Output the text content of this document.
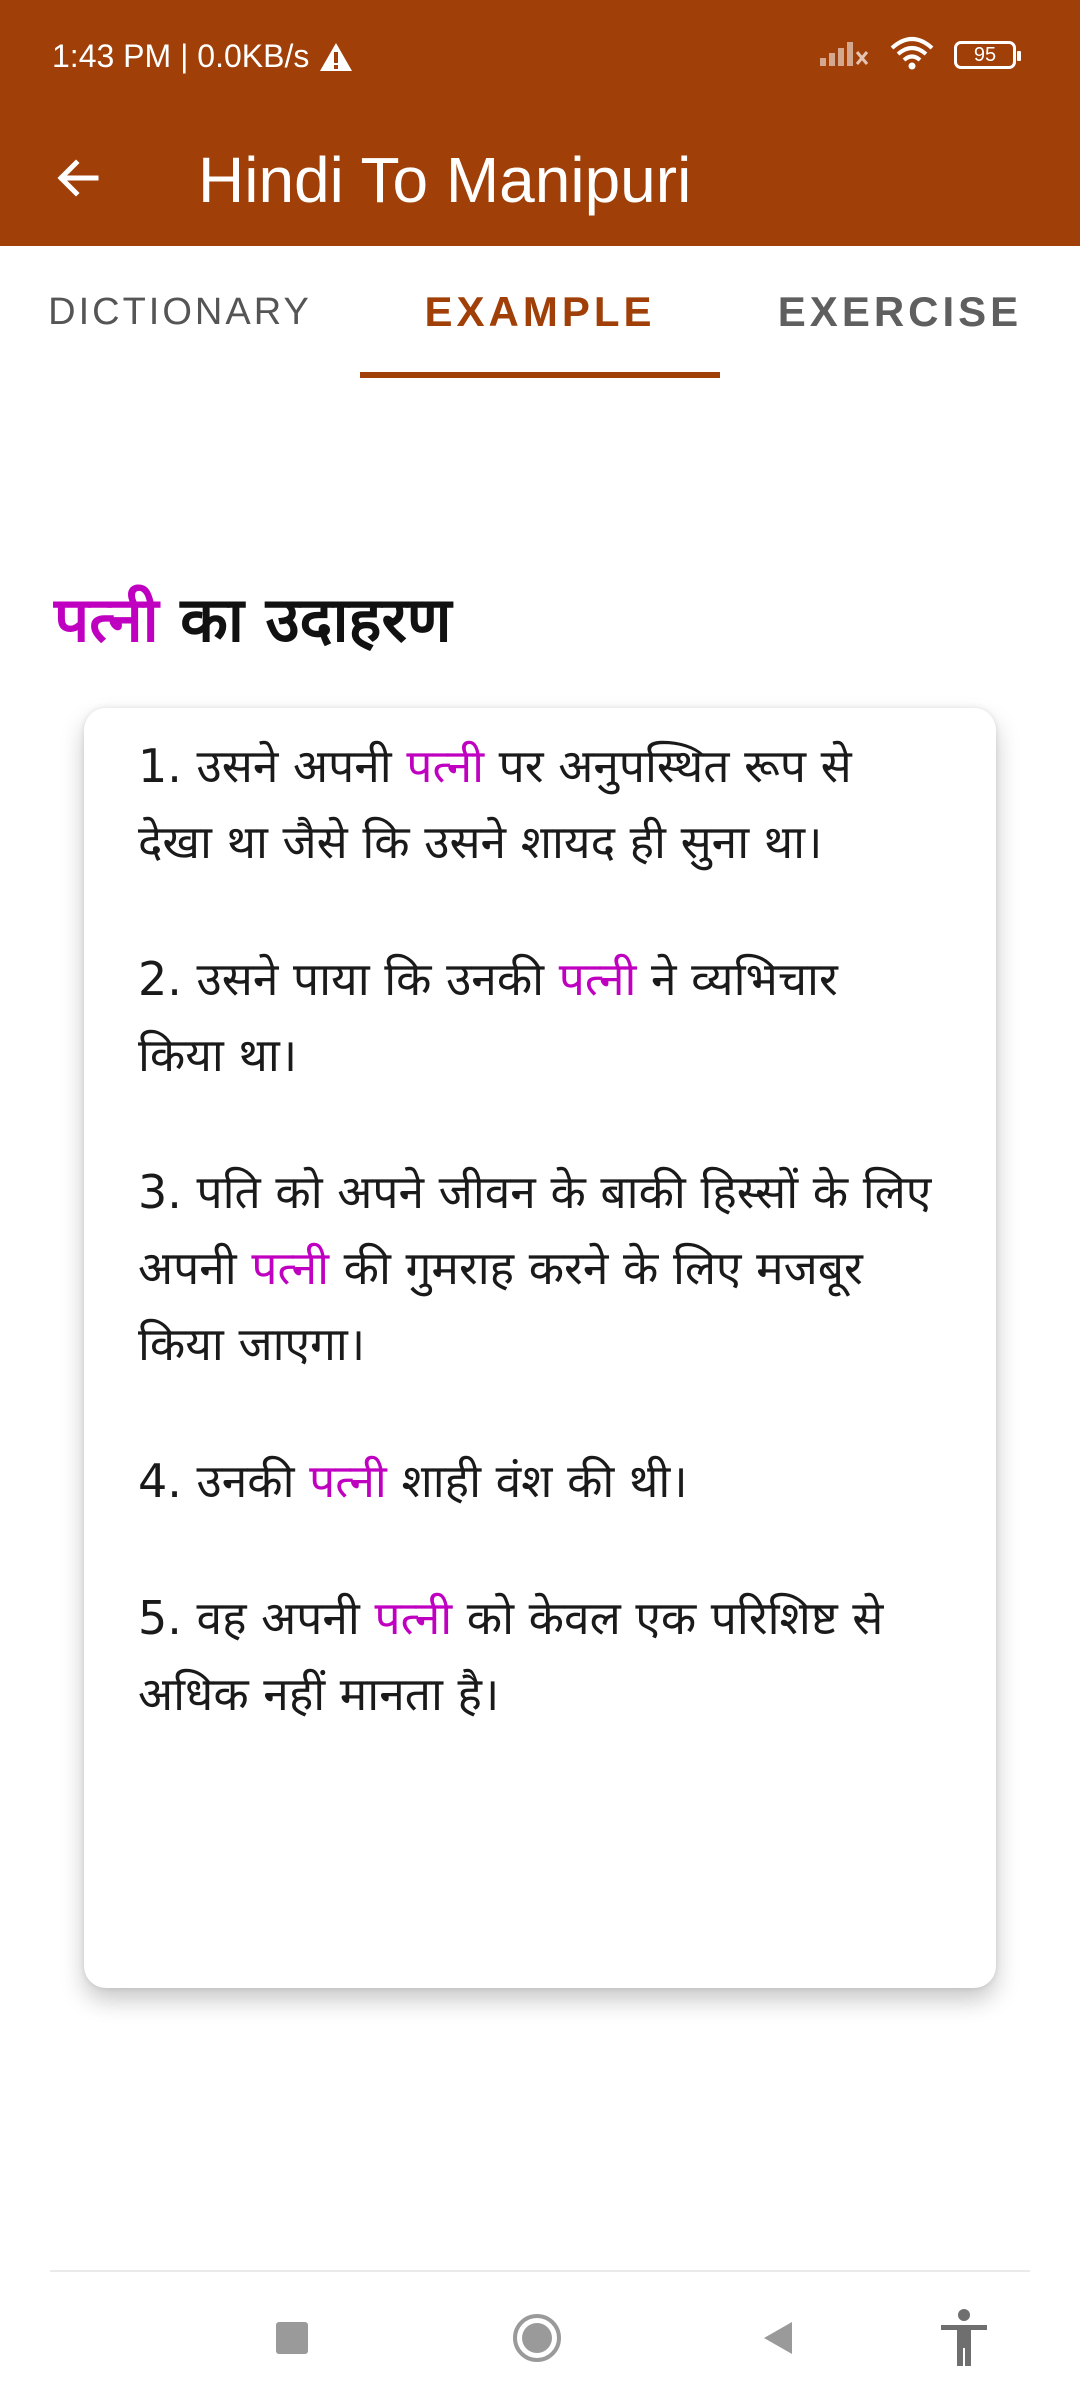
1:43 PM | 0.0KB/s	95
Hindi To Manipuri
DICTIONARY	EXAMPLE	EXERCISE
पत्नी का उदाहरण
1. उसने अपनी पत्नी पर अनुपस्थित रूप से देखा था जैसे कि उसने शायद ही सुना था।
2. उसने पाया कि उनकी पत्नी ने व्यभिचार किया था।
3. पति को अपने जीवन के बाकी हिस्सों के लिए अपनी पत्नी की गुमराह करने के लिए मजबूर किया जाएगा।
4. उनकी पत्नी शाही वंश की थी।
5. वह अपनी पत्नी को केवल एक परिशिष्ट से अधिक नहीं मानता है।
